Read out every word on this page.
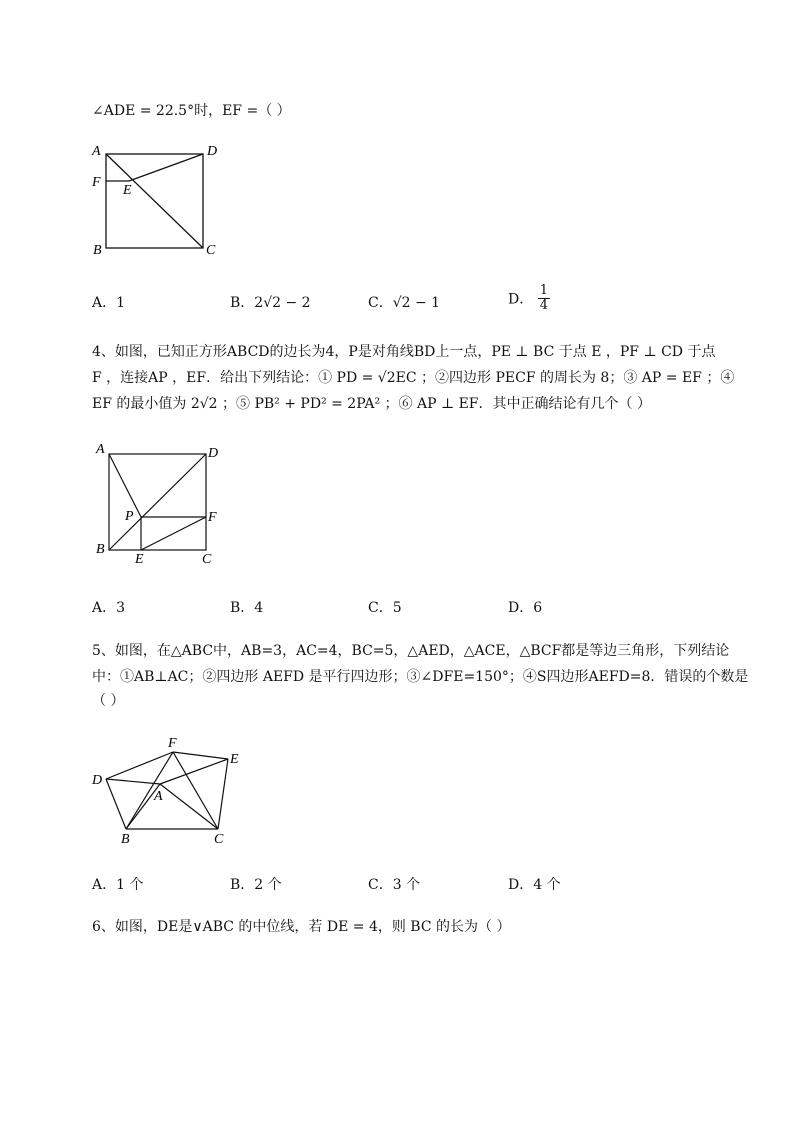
∠ADE = 22.5°时，EF =（ ）
A	D
F
E
B	C
A．1	B．2√2 − 2	C．√2 − 1	D． $\frac{1}{4}$
4、如图，已知正方形ABCD的边长为4，P是对角线BD上一点，PE ⊥ BC 于点 E ，PF ⊥ CD 于点
F ，连接AP ，EF．给出下列结论：① PD = √2EC ；②四边形 PECF 的周长为 8；③ AP = EF ；④
EF 的最小值为 2√2 ；⑤ PB² + PD² = 2PA² ；⑥ AP ⊥ EF．其中正确结论有几个（ ）
A	D
P	F
B
E	C
A．3	B．4	C．5	D．6
5、如图，在△ABC中，AB=3，AC=4，BC=5，△AED，△ACE，△BCF都是等边三角形，下列结论
中：①AB⊥AC；②四边形 AEFD 是平行四边形；③∠DFE=150°；④S四边形AEFD=8．错误的个数是
（ ）
F
E
D
A
B	C
A．1 个	B．2 个	C．3 个	D．4 个
6、如图，DE是∨ABC 的中位线，若 DE = 4，则 BC 的长为（ ）
